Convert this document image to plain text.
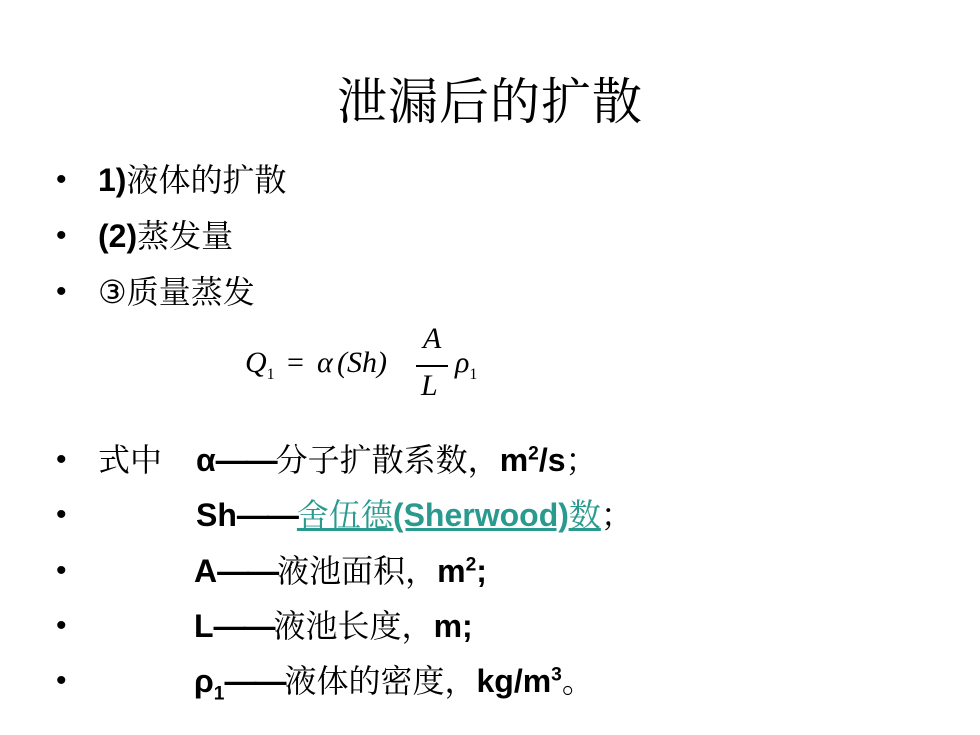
泄漏后的扩散
• 1)液体的扩散
• (2)蒸发量
• ③质量蒸发
$Q_1 = \alpha$ (Sh)
A
L
$\rho_1$
• 式中 α——分子扩散系数，$m^2/s$；
•	Sh——舍伍德(Sherwood)数；
•	A——液池面积，$m^2$;
•	L——液池长度，m;
•	$\rho_1——$液体的密度，$kg/m^3$。
